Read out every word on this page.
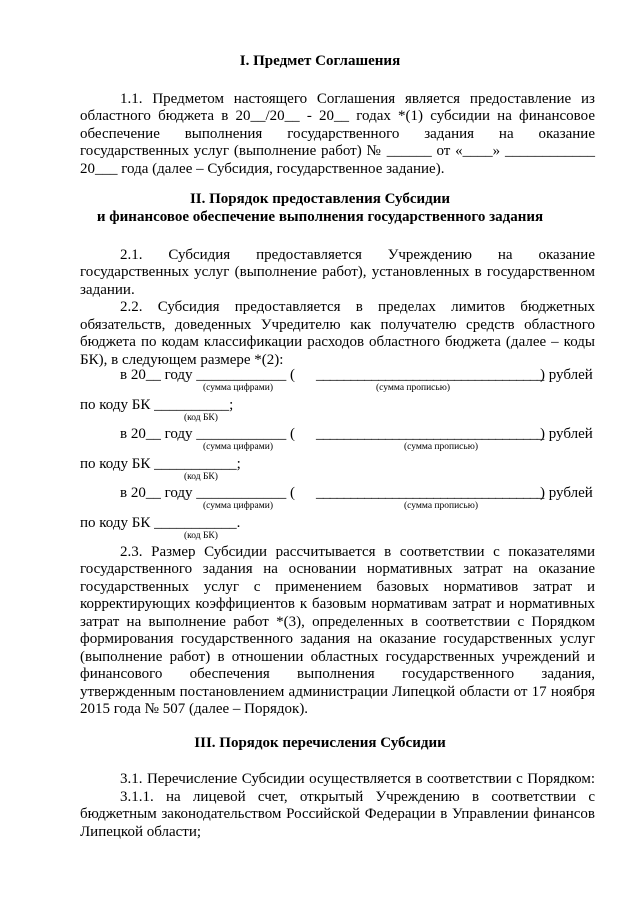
I. Предмет Соглашения
1.1. Предметом настоящего Соглашения является предоставление из
областного бюджета в 20__/20__ - 20__ годах *(1) субсидии на финансовое
обеспечение выполнения государственного задания на оказание
государственных услуг (выполнение работ) № ______ от «____» ____________
20___ года (далее – Субсидия, государственное задание).
II. Порядок предоставления Субсидии
и финансовое обеспечение выполнения государственного задания
2.1. Субсидия предоставляется Учреждению на оказание
государственных услуг (выполнение работ), установленных в государственном
задании.
2.2. Субсидия предоставляется в пределах лимитов бюджетных
обязательств, доведенных Учредителю как получателю средств областного
бюджета по кодам классификации расходов областного бюджета (далее – коды
БК), в следующем размере *(2):
в 20__ году ____________ ( _________________________________
) рублей
(сумма цифрами)	(сумма прописью)
по коду БК __________;
(код БК)
в 20__ году ____________ ( _________________________________
) рублей
(сумма цифрами)	(сумма прописью)
по коду БК ___________;
(код БК)
в 20__ году ____________ ( _________________________________
) рублей
(сумма цифрами)	(сумма прописью)
по коду БК ___________.
(код БК)
2.3. Размер Субсидии рассчитывается в соответствии с показателями
государственного задания на основании нормативных затрат на оказание
государственных услуг с применением базовых нормативов затрат и
корректирующих коэффициентов к базовым нормативам затрат и нормативных
затрат на выполнение работ *(3), определенных в соответствии с Порядком
формирования государственного задания на оказание государственных услуг
(выполнение работ) в отношении областных государственных учреждений и
финансового обеспечения выполнения государственного задания,
утвержденным постановлением администрации Липецкой области от 17 ноября
2015 года № 507 (далее – Порядок).
III. Порядок перечисления Субсидии
3.1. Перечисление Субсидии осуществляется в соответствии с Порядком:
3.1.1. на лицевой счет, открытый Учреждению в соответствии с
бюджетным законодательством Российской Федерации в Управлении финансов
Липецкой области;
